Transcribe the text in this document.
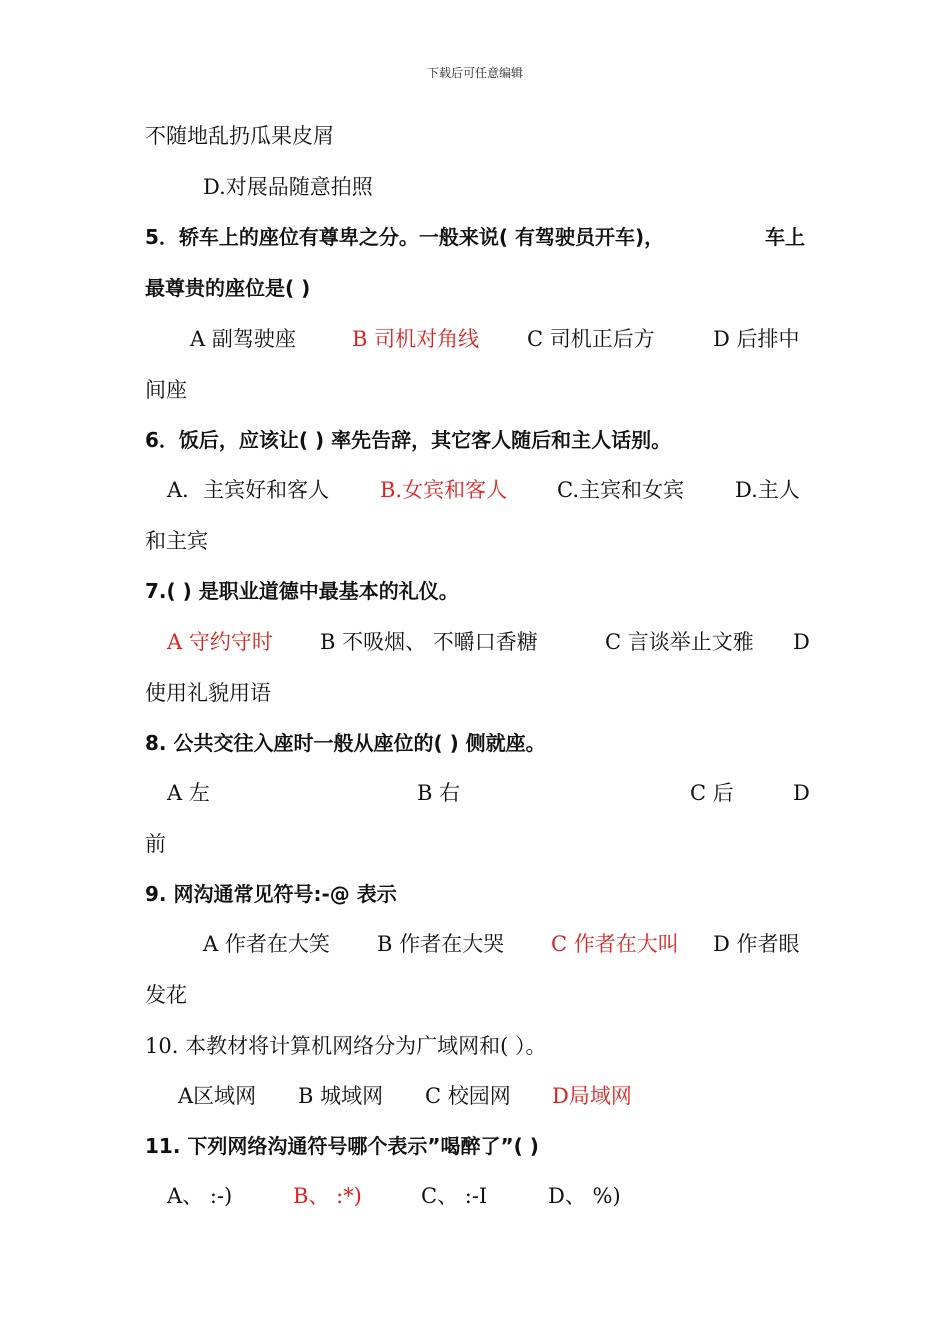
下载后可任意编辑
不随地乱扔瓜果皮屑
D.对展品随意拍照
5．轿车上的座位有尊卑之分。一般来说( 有驾驶员开车)，	车上
最尊贵的座位是( )
A 副驾驶座	B 司机对角线 C 司机正后方	D 后排中
间座
6．饭后，应该让( ) 率先告辞，其它客人随后和主人话别。
A．主宾好和客人 B.女宾和客人 C.主宾和女宾 D.主人
和主宾
7.( ) 是职业道德中最基本的礼仪。
A 守约守时 B 不吸烟、 不嚼口香糖	C 言谈举止文雅 D
使用礼貌用语
8. 公共交往入座时一般从座位的( ) 侧就座。
A 左	B 右	C 后	D
前
9. 网沟通常见符号:-@ 表示
A 作者在大笑 B 作者在大哭 C 作者在大叫 D 作者眼
发花
10. 本教材将计算机网络分为广域网和( ）。
A区域网 B 城域网 C 校园网 D局域网
11. 下列网络沟通符号哪个表示”喝醉了”( )
A、 :-)	B、 :*)	C、 :-I	D、 %)
